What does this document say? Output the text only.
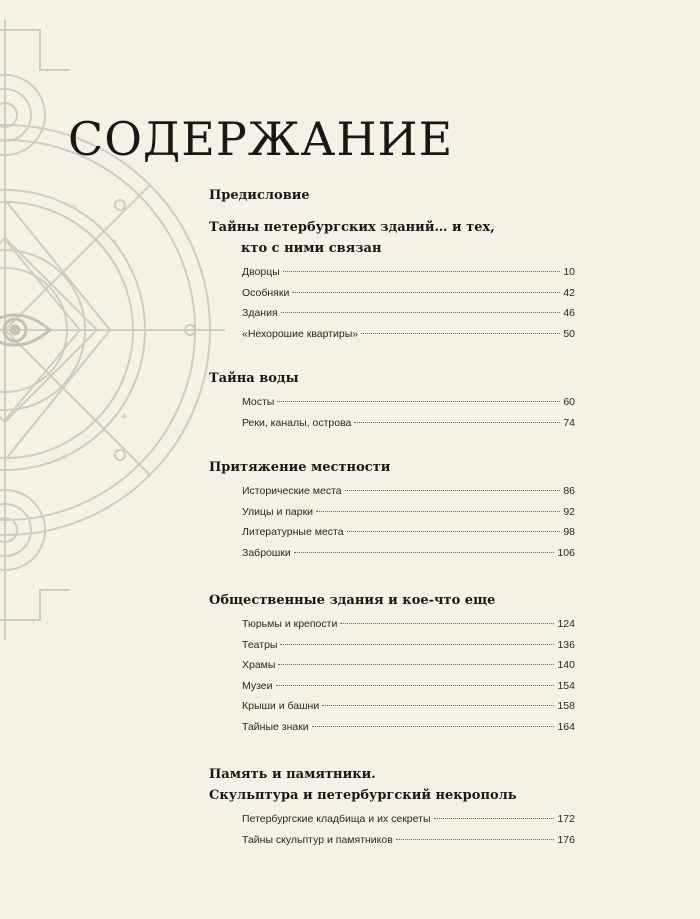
✦
✦
✧
✧
СОДЕРЖАНИЕ
Предисловие
Тайны петербургских зданий… и тех,
кто с ними связан
Дворцы	10
Особняки	42
Здания	46
«Нехорошие квартиры»	50
Тайна воды
Мосты	60
Реки, каналы, острова	74
Притяжение местности
Исторические места	86
Улицы и парки	92
Литературные места	98
Заброшки	106
Общественные здания и кое-что еще
Тюрьмы и крепости	124
Театры	136
Храмы	140
Музеи	154
Крыши и башни	158
Тайные знаки	164
Память и памятники.
Скульптура и петербургский некрополь
Петербургские кладбища и их секреты	172
Тайны скульптур и памятников	176
